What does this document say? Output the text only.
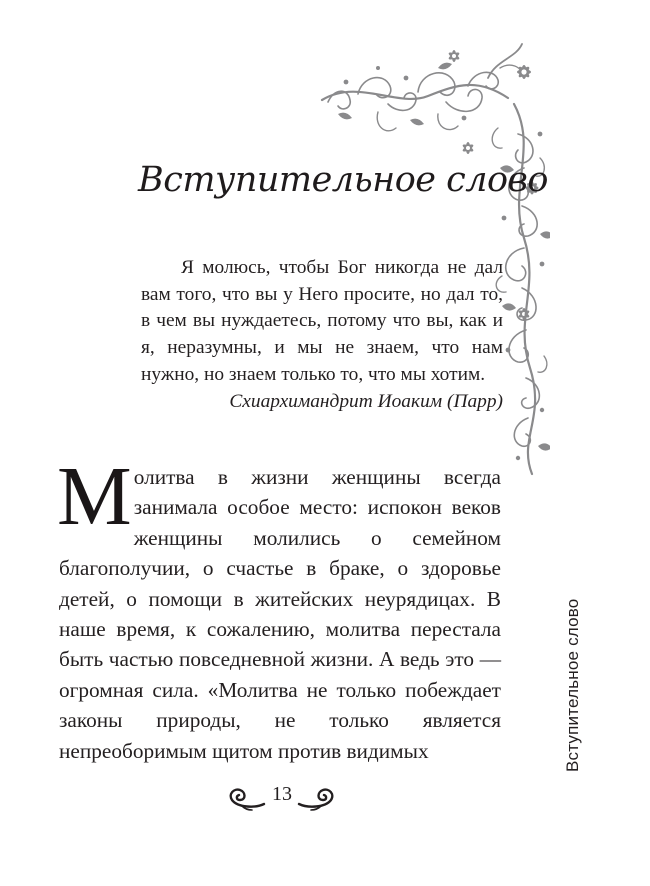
Вступительное слово

Я молюсь, чтобы Бог никогда не дал вам того, что вы у Него просите, но дал то, в чем вы нуждаетесь, потому что вы, как и я, неразумны, и мы не знаем, что нам нужно, но знаем только то, что мы хотим.

Схиархимандрит Иоаким (Парр)

Молитва в жизни женщины всегда занимала особое место: испокон веков женщины молились о семейном благополучии, о счастье в браке, о здоровье детей, о помощи в житейских неурядицах. В наше время, к сожалению, молитва перестала быть частью повседневной жизни. А ведь это — огромная сила. «Молитва не только побеждает законы природы, не только является непреоборимым щитом против видимых	Вступительное слово
13
